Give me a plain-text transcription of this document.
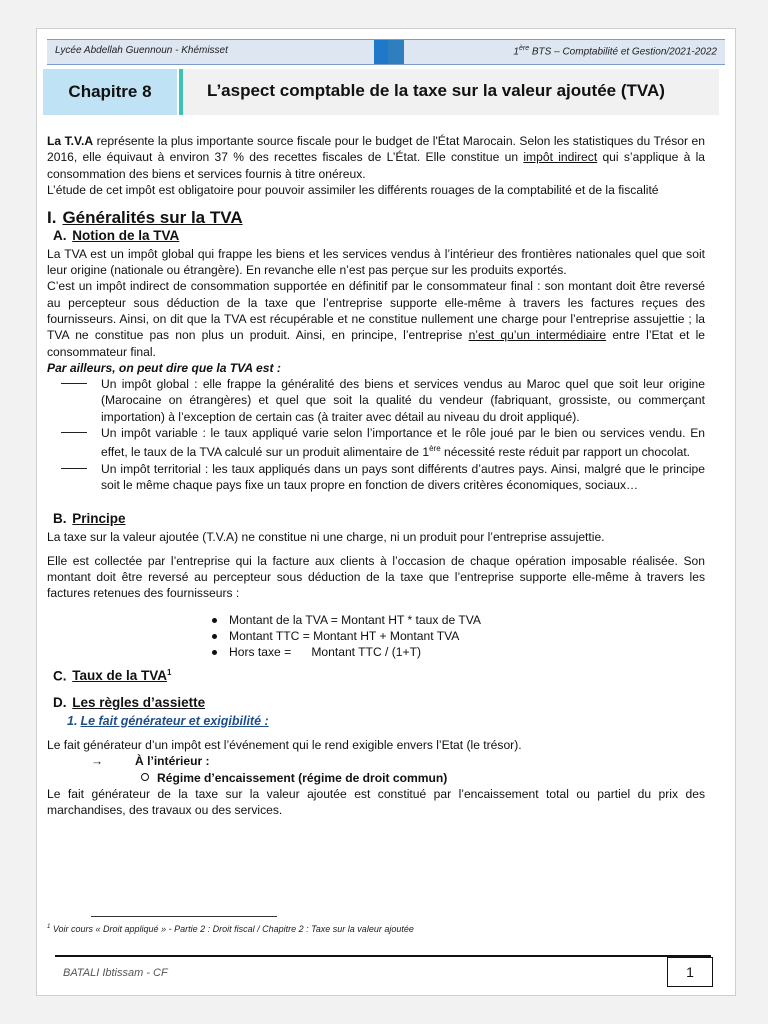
Lycée Abdellah Guennoun - Khémisset	1ère BTS – Comptabilité et Gestion/2021-2022
Chapitre 8	L’aspect comptable de la taxe sur la valeur ajoutée (TVA)

La T.V.A représente la plus importante source fiscale pour le budget de l'État Marocain. Selon les statistiques du Trésor en 2016, elle équivaut à environ 37 % des recettes fiscales de L’État. Elle constitue un impôt indirect qui s’applique à la consommation des biens et services fournis à titre onéreux.

L’étude de cet impôt est obligatoire pour pouvoir assimiler les différents rouages de la comptabilité et de la fiscalité

I. Généralités sur la TVA
A. Notion de la TVA

La TVA est un impôt global qui frappe les biens et les services vendus à l’intérieur des frontières nationales quel que soit leur origine (nationale ou étrangère). En revanche elle n’est pas perçue sur les produits exportés.

C’est un impôt indirect de consommation supportée en définitif par le consommateur final : son montant doit être reversé au percepteur sous déduction de la taxe que l’entreprise supporte elle-même à travers les factures reçues des fournisseurs. Ainsi, on dit que la TVA est récupérable et ne constitue nullement une charge pour l’entreprise assujettie ; la TVA ne constitue pas non plus un produit. Ainsi, en principe, l’entreprise n’est qu’un intermédiaire entre l’Etat et le consommateur final.

Par ailleurs, on peut dire que la TVA est :

Un impôt global : elle frappe la généralité des biens et services vendus au Maroc quel que soit leur origine (Marocaine on étrangères) et quel que soit la qualité du vendeur (fabriquant, grossiste, ou commerçant importation) à l’exception de certain cas (à traiter avec détail au niveau du droit appliqué).
Un impôt variable : le taux appliqué varie selon l’importance et le rôle joué par le bien ou services vendu. En effet, le taux de la TVA calculé sur un produit alimentaire de 1ère nécessité reste réduit par rapport un chocolat.
Un impôt territorial : les taux appliqués dans un pays sont différents d’autres pays. Ainsi, malgré que le principe soit le même chaque pays fixe un taux propre en fonction de divers critères économiques, sociaux…
B. Principe

La taxe sur la valeur ajoutée (T.V.A) ne constitue ni une charge, ni un produit pour l’entreprise assujettie.

Elle est collectée par l’entreprise qui la facture aux clients à l’occasion de chaque opération imposable réalisée. Son montant doit être reversé au percepteur sous déduction de la taxe que l’entreprise supporte elle-même à travers les factures retenues des fournisseurs :

Montant de la TVA = Montant HT * taux de TVA
Montant TTC = Montant HT + Montant TVA
Hors taxe =      Montant TTC / (1+T)
C. Taux de la TVA$^1$
D. Les règles d’assiette
1. Le fait générateur et exigibilité :

Le fait générateur d’un impôt est l’événement qui le rend exigible envers l’Etat (le trésor).

→	À l’intérieur :
Régime d’encaissement (régime de droit commun)

Le fait générateur de la taxe sur la valeur ajoutée est constitué par l’encaissement total ou partiel du prix des marchandises, des travaux ou des services.

$^1$ Voir cours « Droit appliqué » - Partie 2 : Droit fiscal / Chapitre 2 : Taxe sur la valeur ajoutée
BATALI Ibtissam - CF	1
